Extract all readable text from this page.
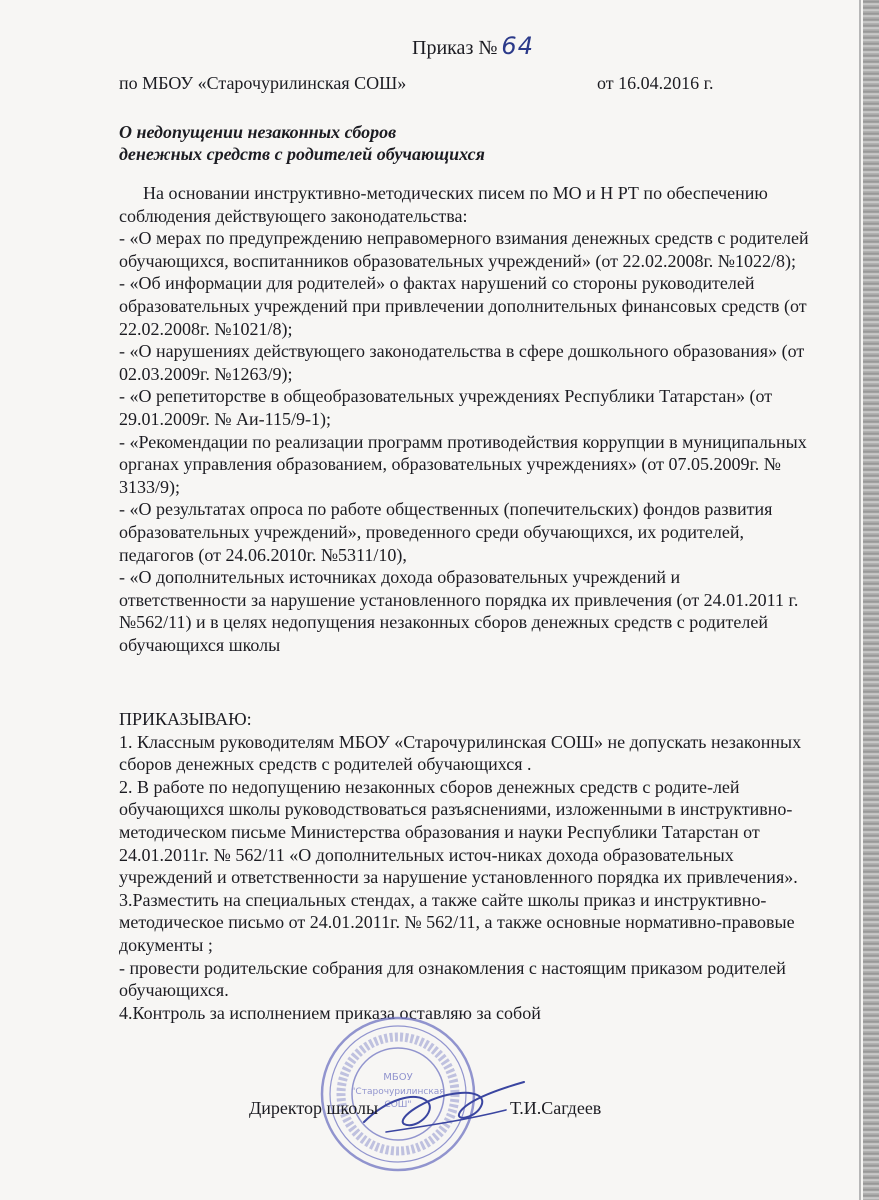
Приказ № 64
по МБОУ «Старочурилинская СОШ»	от 16.04.2016 г.
О недопущении незаконных сборов
денежных средств с родителей обучающихся

На основании инструктивно-методических писем по МО и Н РТ по обеспечению соблюдения действующего законодательства:

- «О мерах по предупреждению неправомерного взимания денежных средств с родителей обучающихся, воспитанников образовательных учреждений» (от 22.02.2008г. №1022/8);

- «Об информации для родителей» о фактах нарушений со стороны руководителей образовательных учреждений при привлечении дополнительных финансовых средств (от 22.02.2008г. №1021/8);

- «О нарушениях действующего законодательства в сфере дошкольного образования» (от 02.03.2009г. №1263/9);

- «О репетиторстве в общеобразовательных учреждениях Республики Татарстан» (от 29.01.2009г. № Аи-115/9-1);

- «Рекомендации по реализации программ противодействия коррупции в муниципальных органах управления образованием, образовательных учреждениях» (от 07.05.2009г. № 3133/9);

- «О результатах опроса по работе общественных (попечительских) фондов развития образовательных учреждений», проведенного среди обучающихся, их родителей, педагогов (от 24.06.2010г. №5311/10),

- «О дополнительных источниках дохода образовательных учреждений и ответственности за нарушение установленного порядка их привлечения (от 24.01.2011 г. №562/11) и в целях недопущения незаконных сборов денежных средств с родителей обучающихся школы

ПРИКАЗЫВАЮ:

1. Классным руководителям МБОУ «Старочурилинская СОШ» не допускать незаконных сборов денежных средств с родителей обучающихся .

2. В работе по недопущению незаконных сборов денежных средств с родите-лей обучающихся школы руководствоваться разъяснениями, изложенными в инструктивно-методическом письме Министерства образования и науки Республики Татарстан от 24.01.2011г. № 562/11 «О дополнительных источ-никах дохода образовательных учреждений и ответственности за нарушение установленного порядка их привлечения».

3.Разместить на специальных стендах, а также сайте школы приказ и инструктивно-методическое письмо от 24.01.2011г. № 562/11, а также основные нормативно-правовые документы ;

- провести родительские собрания для ознакомления с настоящим приказом родителей обучающихся.

4.Контроль за исполнением приказа оставляю за собой

МБОУ
"Старочурилинская
СОШ"
Директор школы	Т.И.Сагдеев
